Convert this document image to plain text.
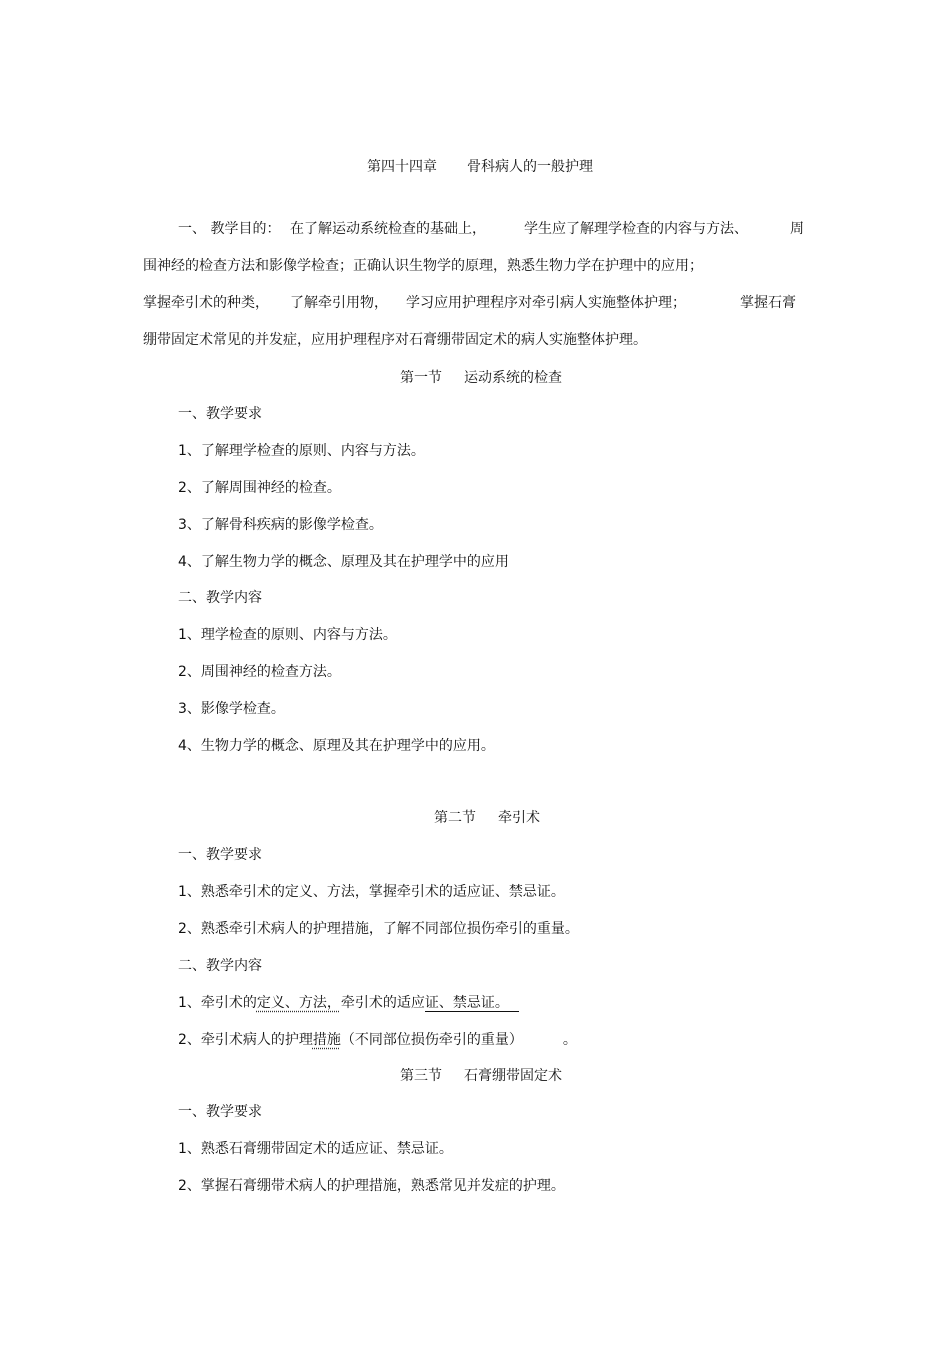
第四十四章 骨科病人的一般护理
一、 教学目的： 在了解运动系统检查的基础上，	学生应了解理学检查的内容与方法、	周
围神经的检查方法和影像学检查；正确认识生物学的原理，熟悉生物力学在护理中的应用；
掌握牵引术的种类， 了解牵引用物， 学习应用护理程序对牵引病人实施整体护理；	掌握石膏
绷带固定术常见的并发症，应用护理程序对石膏绷带固定术的病人实施整体护理。
第一节 运动系统的检查
一、教学要求
1、了解理学检查的原则、内容与方法。
2、了解周围神经的检查。
3、了解骨科疾病的影像学检查。
4、了解生物力学的概念、原理及其在护理学中的应用
二、教学内容
1、理学检查的原则、内容与方法。
2、周围神经的检查方法。
3、影像学检查。
4、生物力学的概念、原理及其在护理学中的应用。
第二节 牵引术
一、教学要求
1、熟悉牵引术的定义、方法，掌握牵引术的适应证、禁忌证。
2、熟悉牵引术病人的护理措施，了解不同部位损伤牵引的重量。
二、教学内容
1、牵引术的定义、方法，牵引术的适应证、禁忌证。
2、牵引术病人的护理措施（不同部位损伤牵引的重量）	。
第三节 石膏绷带固定术
一、教学要求
1、熟悉石膏绷带固定术的适应证、禁忌证。
2、掌握石膏绷带术病人的护理措施，熟悉常见并发症的护理。
